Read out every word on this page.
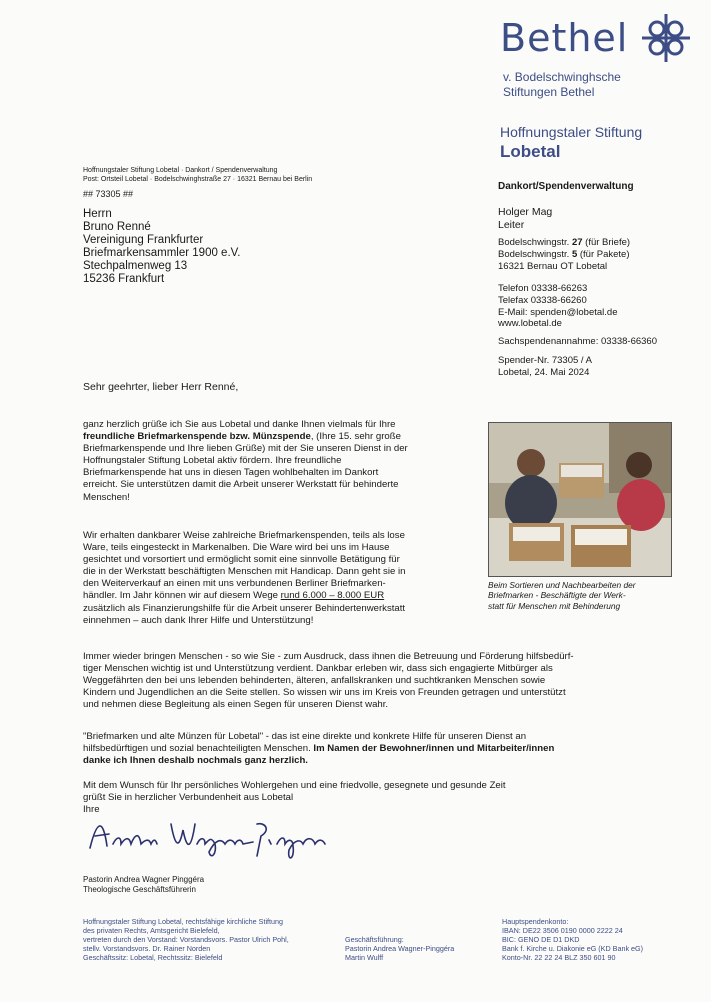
Bethel
v. Bodelschwinghsche
Stiftungen Bethel
Hoffnungstaler Stiftung
Lobetal
Hoffnungstaler Stiftung Lobetal · Dankort / Spendenverwaltung
Post: Ortsteil Lobetal · Bodelschwinghstraße 27 · 16321 Bernau bei Berlin
## 73305 ##
Herrn
Bruno Renné
Vereinigung Frankfurter
Briefmarkensammler 1900 e.V.
Stechpalmenweg 13
15236 Frankfurt
Dankort/Spendenverwaltung
Holger Mag
Leiter
Bodelschwingstr. 27 (für Briefe)
Bodelschwingstr. 5 (für Pakete)
16321 Bernau OT Lobetal
Telefon 03338-66263
Telefax 03338-66260
E-Mail: spenden@lobetal.de
www.lobetal.de
Sachspendenannahme: 03338-66360
Spender-Nr. 73305 / A
Lobetal, 24. Mai 2024
Sehr geehrter, lieber Herr Renné,
ganz herzlich grüße ich Sie aus Lobetal und danke Ihnen vielmals für Ihre
freundliche Briefmarkenspende bzw. Münzspende, (Ihre 15. sehr große
Briefmarkenspende und Ihre lieben Grüße) mit der Sie unseren Dienst in der
Hoffnungstaler Stiftung Lobetal aktiv fördern. Ihre freundliche
Briefmarkenspende hat uns in diesen Tagen wohlbehalten im Dankort
erreicht. Sie unterstützen damit die Arbeit unserer Werkstatt für behinderte
Menschen!
Wir erhalten dankbarer Weise zahlreiche Briefmarkenspenden, teils als lose
Ware, teils eingesteckt in Markenalben. Die Ware wird bei uns im Hause
gesichtet und vorsortiert und ermöglicht somit eine sinnvolle Betätigung für
die in der Werkstatt beschäftigten Menschen mit Handicap. Dann geht sie in
den Weiterverkauf an einen mit uns verbundenen Berliner Briefmarken-
händler. Im Jahr können wir auf diesem Wege rund 6.000 – 8.000 EUR
zusätzlich als Finanzierungshilfe für die Arbeit unserer Behindertenwerkstatt
einnehmen – auch dank Ihrer Hilfe und Unterstützung!
Beim Sortieren und Nachbearbeiten der
Briefmarken - Beschäftigte der Werk-
statt für Menschen mit Behinderung
Immer wieder bringen Menschen - so wie Sie - zum Ausdruck, dass ihnen die Betreuung und Förderung hilfsbedürf-
tiger Menschen wichtig ist und Unterstützung verdient. Dankbar erleben wir, dass sich engagierte Mitbürger als
Weggefährten den bei uns lebenden behinderten, älteren, anfallskranken und suchtkranken Menschen sowie
Kindern und Jugendlichen an die Seite stellen. So wissen wir uns im Kreis von Freunden getragen und unterstützt
und nehmen diese Begleitung als einen Segen für unseren Dienst wahr.
"Briefmarken und alte Münzen für Lobetal" - das ist eine direkte und konkrete Hilfe für unseren Dienst an
hilfsbedürftigen und sozial benachteiligten Menschen. Im Namen der Bewohner/innen und Mitarbeiter/innen
danke ich Ihnen deshalb nochmals ganz herzlich.
Mit dem Wunsch für Ihr persönliches Wohlergehen und eine friedvolle, gesegnete und gesunde Zeit
grüßt Sie in herzlicher Verbundenheit aus Lobetal
Ihre
Pastorin Andrea Wagner Pinggéra
Theologische Geschäftsführerin
Hoffnungstaler Stiftung Lobetal, rechtsfähige kirchliche Stiftung
des privaten Rechts, Amtsgericht Bielefeld,
vertreten durch den Vorstand: Vorstandsvors. Pastor Ulrich Pohl,
stellv. Vorstandsvors. Dr. Rainer Norden
Geschäftssitz: Lobetal, Rechtssitz: Bielefeld
Geschäftsführung:
Pastorin Andrea Wagner-Pinggéra
Martin Wulff
Hauptspendenkonto:
IBAN: DE22 3506 0190 0000 2222 24
BIC: GENO DE D1 DKD
Bank f. Kirche u. Diakonie eG (KD Bank eG)
Konto-Nr. 22 22 24 BLZ 350 601 90
